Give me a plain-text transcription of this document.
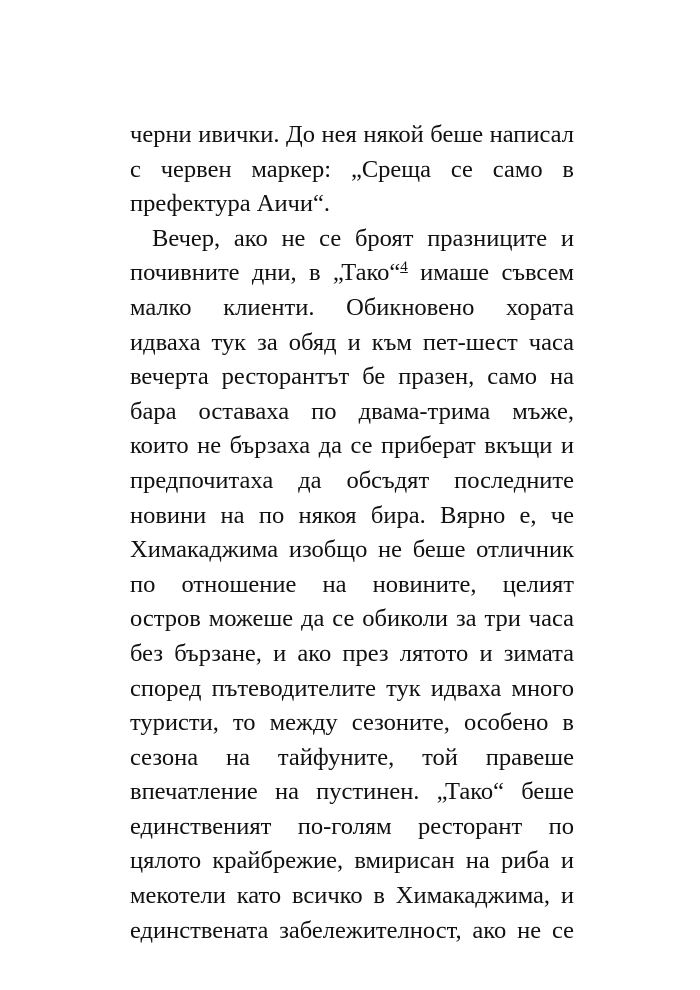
черни ивички. До нея някой беше написал
с червен маркер: „Среща се само в
префектура Аичи“.
Вечер, ако не се броят празниците и
почивните дни, в „Тако“$^4$ имаше съвсем
малко клиенти. Обикновено хората
идваха тук за обяд и към пет-шест часа
вечерта ресторантът бе празен, само на
бара оставаха по двама-трима мъже,
които не бързаха да се приберат вкъщи и
предпочитаха да обсъдят последните
новини на по някоя бира. Вярно е, че
Химакаджима изобщо не беше отличник
по отношение на новините, целият
остров можеше да се обиколи за три часа
без бързане, и ако през лятото и зимата
според пътеводителите тук идваха много
туристи, то между сезоните, особено в
сезона на тайфуните, той правеше
впечатление на пустинен. „Тако“ беше
единственият по-голям ресторант по
цялото крайбрежие, вмирисан на риба и
мекотели като всичко в Химакаджима, и
единствената забележителност, ако не се
